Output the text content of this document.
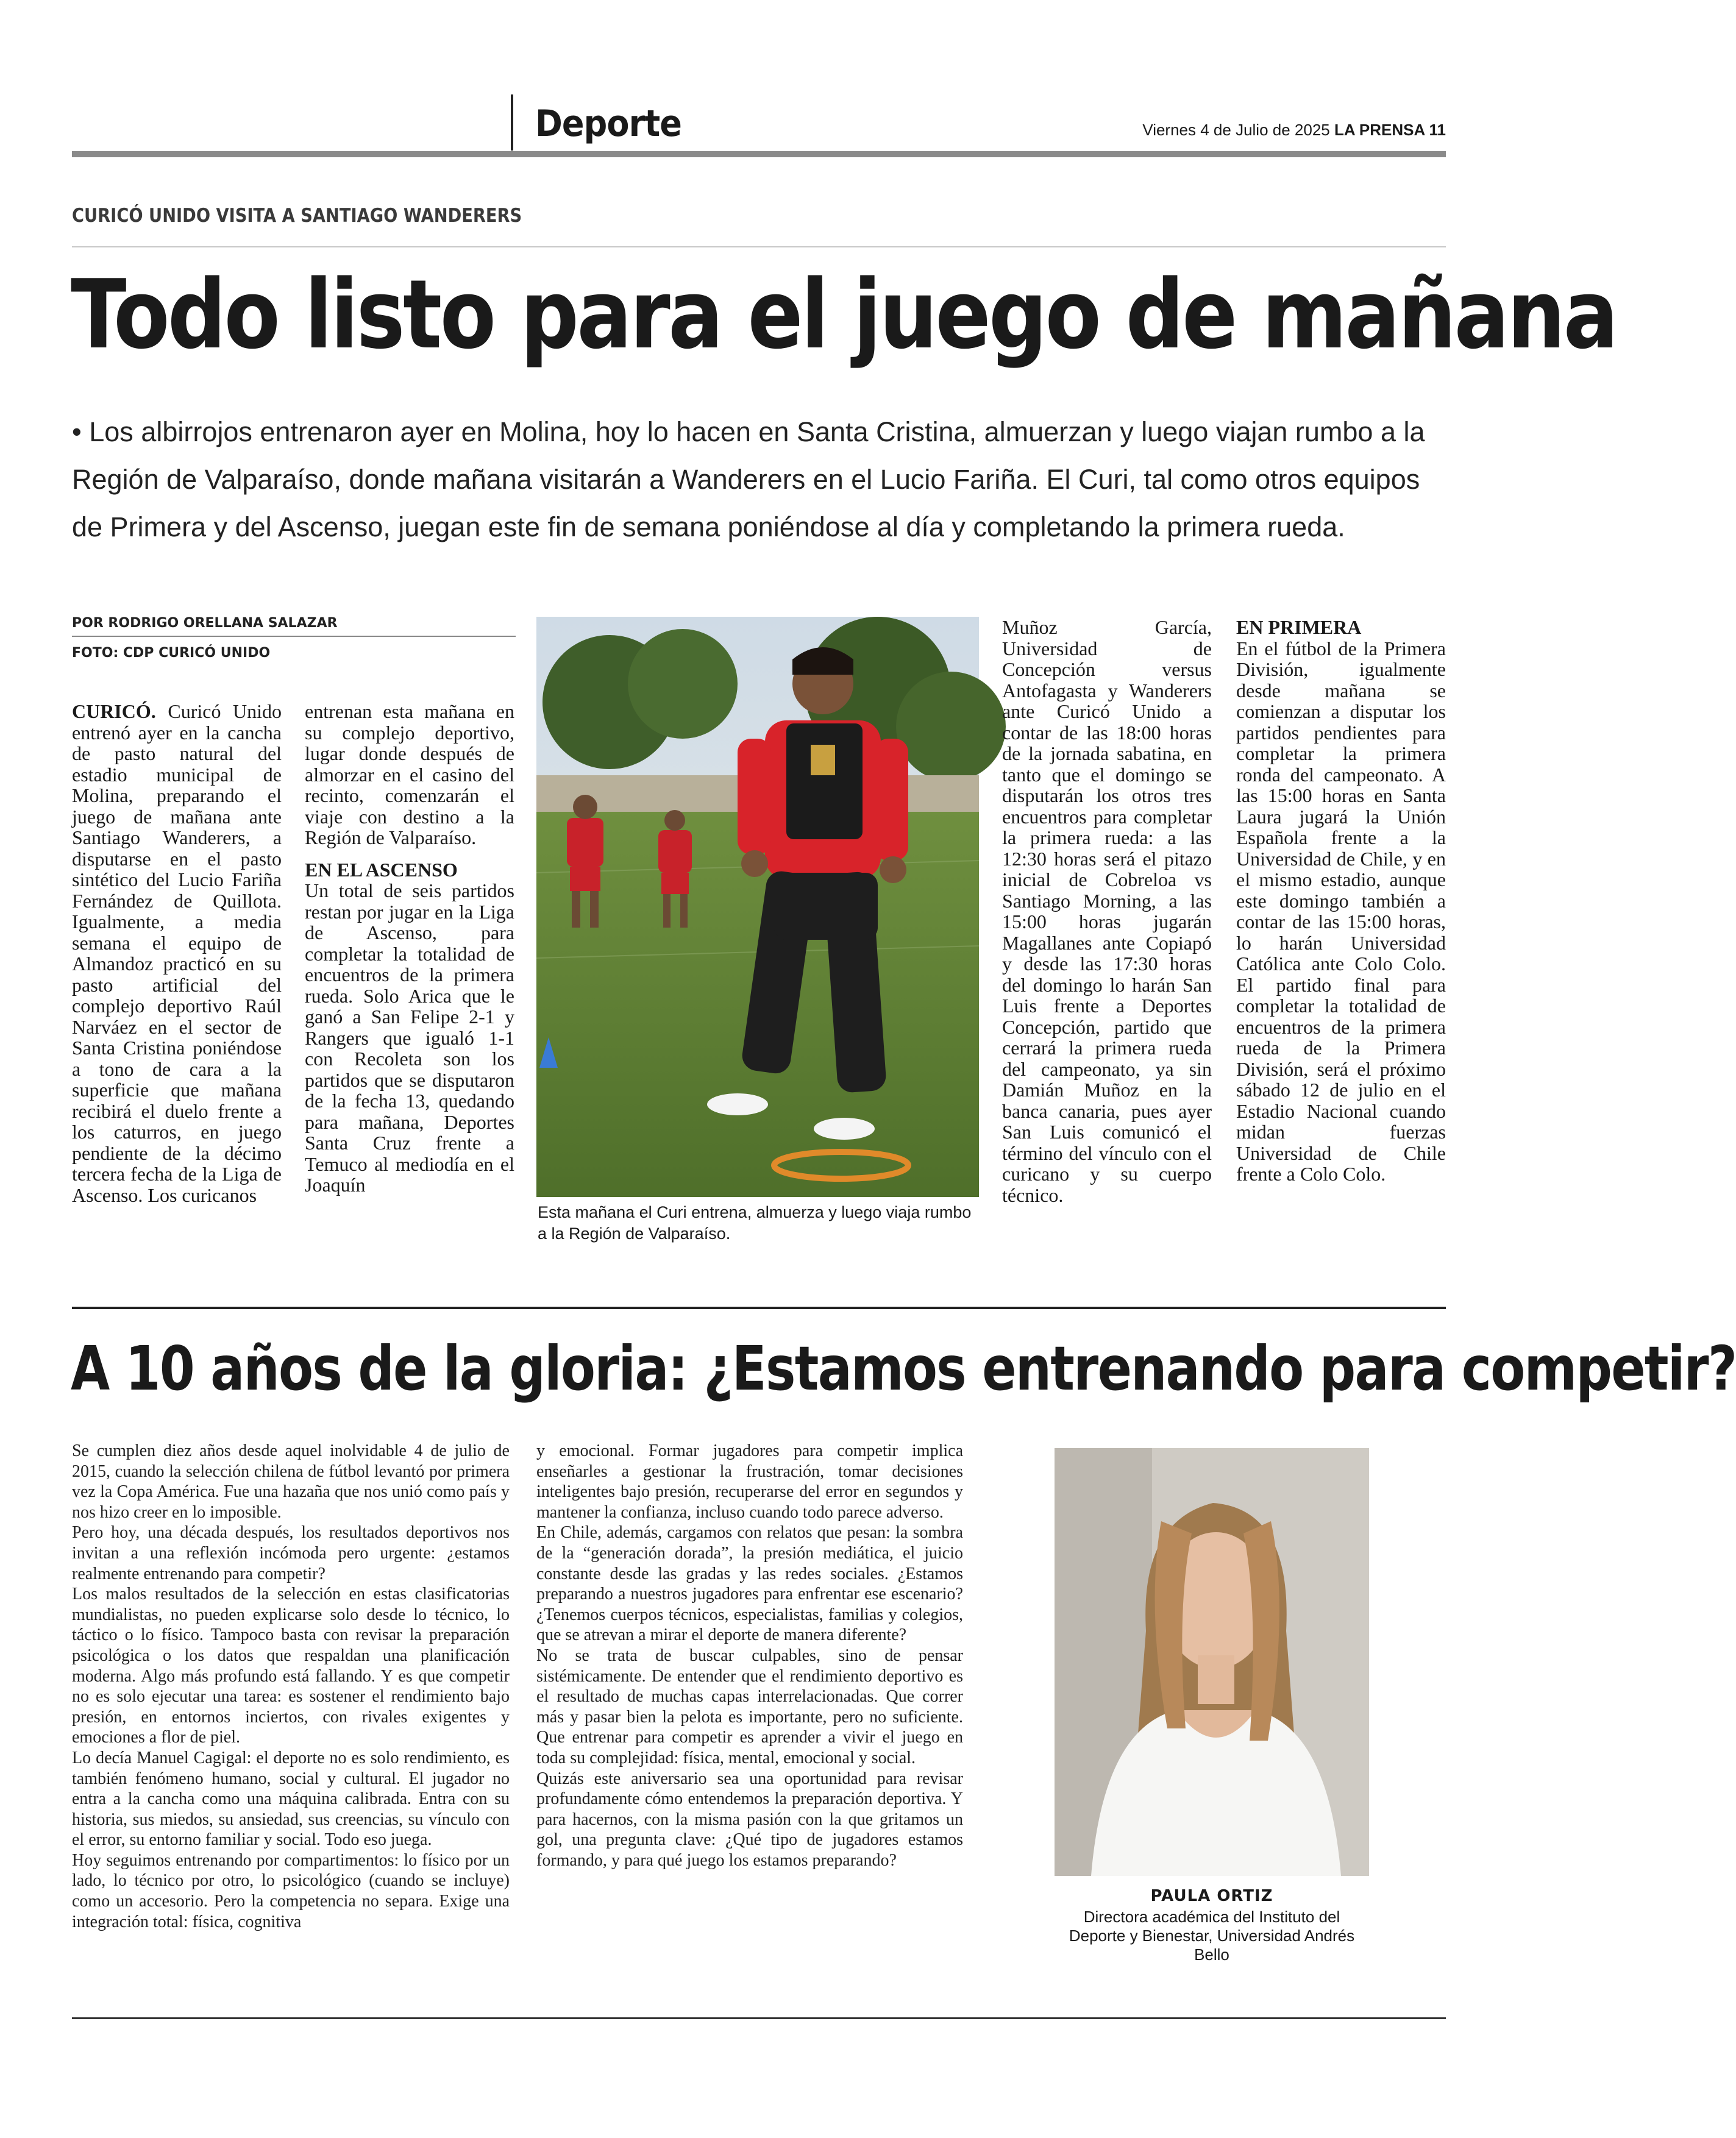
Deporte	Viernes 4 de Julio de 2025 LA PRENSA 11
CURICÓ UNIDO VISITA A SANTIAGO WANDERERS
Todo listo para el juego de mañana
• Los albirrojos entrenaron ayer en Molina, hoy lo hacen en Santa Cristina, almuerzan y luego viajan rumbo a la Región de Valparaíso, donde mañana visitarán a Wanderers en el Lucio Fariña. El Curi, tal como otros equipos de Primera y del Ascenso, juegan este fin de semana poniéndose al día y completando la primera rueda.
POR RODRIGO ORELLANA SALAZAR
FOTO: CDP CURICÓ UNIDO
CURICÓ. Curicó Unido entrenó ayer en la cancha de pasto natural del estadio municipal de Molina, preparando el juego de mañana ante Santiago Wanderers, a disputarse en el pasto sintético del Lucio Fariña Fernández de Quillota. Igualmente, a media semana el equipo de Almandoz practicó en su pasto artificial del complejo deportivo Raúl Narváez en el sector de Santa Cristina poniéndose a tono de cara a la superficie que mañana recibirá el duelo frente a los caturros, en juego pendiente de la décimo tercera fecha de la Liga de Ascenso. Los curicanos
entrenan esta mañana en su complejo deportivo, lugar donde después de almorzar en el casino del recinto, comenzarán el viaje con destino a la Región de Valparaíso.
EN EL ASCENSO
Un total de seis partidos restan por jugar en la Liga de Ascenso, para completar la totalidad de encuentros de la primera rueda. Solo Arica que le ganó a San Felipe 2-1 y Rangers que igualó 1-1 con Recoleta son los partidos que se disputaron de la fecha 13, quedando para mañana, Deportes Santa Cruz frente a Temuco al mediodía en el Joaquín
Esta mañana el Curi entrena, almuerza y luego viaja rumbo a la Región de Valparaíso.
Muñoz García, Universidad de Concepción versus Antofagasta y Wanderers ante Curicó Unido a contar de las 18:00 horas de la jornada sabatina, en tanto que el domingo se disputarán los otros tres encuentros para completar la primera rueda: a las 12:30 horas será el pitazo inicial de Cobreloa vs Santiago Morning, a las 15:00 horas jugarán Magallanes ante Copiapó y desde las 17:30 horas del domingo lo harán San Luis frente a Deportes Concepción, partido que cerrará la primera rueda del campeonato, ya sin Damián Muñoz en la banca canaria, pues ayer San Luis comunicó el término del vínculo con el curicano y su cuerpo técnico.
EN PRIMERA
En el fútbol de la Primera División, igualmente desde mañana se comienzan a disputar los partidos pendientes para completar la primera ronda del campeonato. A las 15:00 horas en Santa Laura jugará la Unión Española frente a la Universidad de Chile, y en el mismo estadio, aunque este domingo también a contar de las 15:00 horas, lo harán Universidad Católica ante Colo Colo. El partido final para completar la totalidad de encuentros de la primera rueda de la Primera División, será el próximo sábado 12 de julio en el Estadio Nacional cuando midan fuerzas Universidad de Chile frente a Colo Colo.
A 10 años de la gloria: ¿Estamos entrenando para competir?

Se cumplen diez años desde aquel inolvidable 4 de julio de 2015, cuando la selección chilena de fútbol levantó por primera vez la Copa América. Fue una hazaña que nos unió como país y nos hizo creer en lo imposible.

Pero hoy, una década después, los resultados deportivos nos invitan a una reflexión incómoda pero urgente: ¿estamos realmente entrenando para competir?

Los malos resultados de la selección en estas clasificatorias mundialistas, no pueden explicarse solo desde lo técnico, lo táctico o lo físico. Tampoco basta con revisar la preparación psicológica o los datos que respaldan una planificación moderna. Algo más profundo está fallando. Y es que competir no es solo ejecutar una tarea: es sostener el rendimiento bajo presión, en entornos inciertos, con rivales exigentes y emociones a flor de piel.

Lo decía Manuel Cagigal: el deporte no es solo rendimiento, es también fenómeno humano, social y cultural. El jugador no entra a la cancha como una máquina calibrada. Entra con su historia, sus miedos, su ansiedad, sus creencias, su vínculo con el error, su entorno familiar y social. Todo eso juega.

Hoy seguimos entrenando por compartimentos: lo físico por un lado, lo técnico por otro, lo psicológico (cuando se incluye) como un accesorio. Pero la competencia no separa. Exige una integración total: física, cognitiva

y emocional. Formar jugadores para competir implica enseñarles a gestionar la frustración, tomar decisiones inteligentes bajo presión, recuperarse del error en segundos y mantener la confianza, incluso cuando todo parece adverso.

En Chile, además, cargamos con relatos que pesan: la sombra de la “generación dorada”, la presión mediática, el juicio constante desde las gradas y las redes sociales. ¿Estamos preparando a nuestros jugadores para enfrentar ese escenario? ¿Tenemos cuerpos técnicos, especialistas, familias y colegios, que se atrevan a mirar el deporte de manera diferente?

No se trata de buscar culpables, sino de pensar sistémicamente. De entender que el rendimiento deportivo es el resultado de muchas capas interrelacionadas. Que correr más y pasar bien la pelota es importante, pero no suficiente. Que entrenar para competir es aprender a vivir el juego en toda su complejidad: física, mental, emocional y social.

Quizás este aniversario sea una oportunidad para revisar profundamente cómo entendemos la preparación deportiva. Y para hacernos, con la misma pasión con la que gritamos un gol, una pregunta clave: ¿Qué tipo de jugadores estamos formando, y para qué juego los estamos preparando?

PAULA ORTIZ
Directora académica del Instituto del Deporte y Bienestar, Universidad Andrés Bello
